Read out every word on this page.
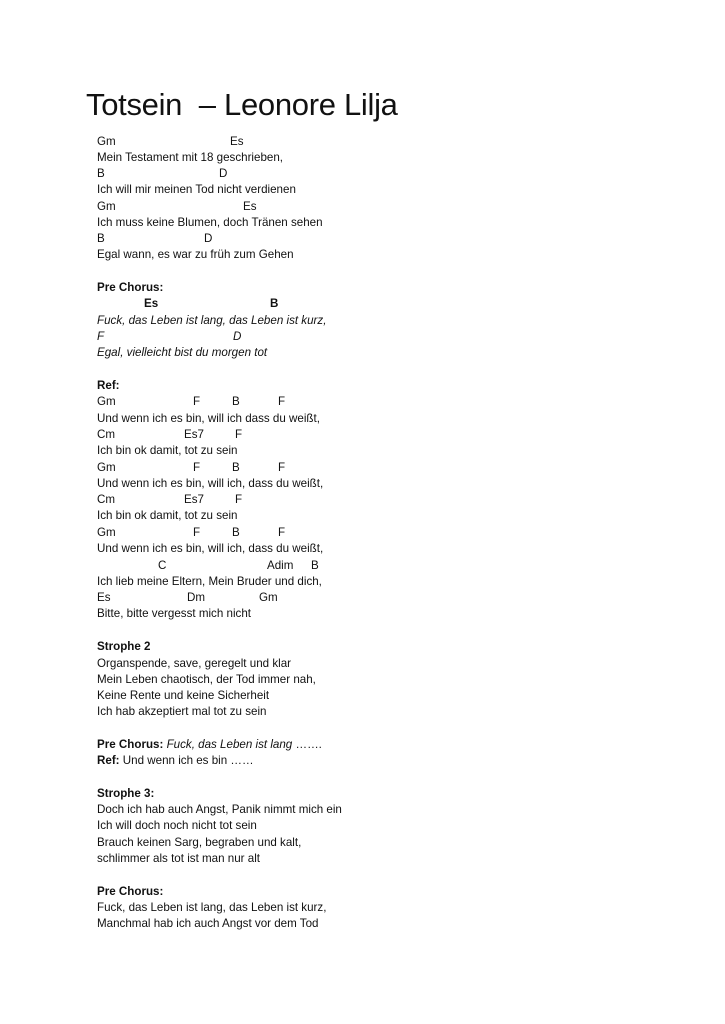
Totsein  – Leonore Lilja
Gm	Es
Mein Testament mit 18 geschrieben,
B	D
Ich will mir meinen Tod nicht verdienen
Gm	Es
Ich muss keine Blumen, doch Tränen sehen
B	D
Egal wann, es war zu früh zum Gehen
Pre Chorus:
Es	B
Fuck, das Leben ist lang, das Leben ist kurz,
F	D
Egal, vielleicht bist du morgen tot
Ref:
Gm	F	B	F
Und wenn ich es bin, will ich dass du weißt,
Cm	Es7	F
Ich bin ok damit, tot zu sein
Gm	F	B	F
Und wenn ich es bin, will ich, dass du weißt,
Cm	Es7	F
Ich bin ok damit, tot zu sein
Gm	F	B	F
Und wenn ich es bin, will ich, dass du weißt,
C	Adim B
Ich lieb meine Eltern, Mein Bruder und dich,
Es	Dm	Gm
Bitte, bitte vergesst mich nicht
Strophe 2
Organspende, save, geregelt und klar
Mein Leben chaotisch, der Tod immer nah,
Keine Rente und keine Sicherheit
Ich hab akzeptiert mal tot zu sein
Pre Chorus: Fuck, das Leben ist lang …….
Ref: Und wenn ich es bin ……
Strophe 3:
Doch ich hab auch Angst, Panik nimmt mich ein
Ich will doch noch nicht tot sein
Brauch keinen Sarg, begraben und kalt,
schlimmer als tot ist man nur alt
Pre Chorus:
Fuck, das Leben ist lang, das Leben ist kurz,
Manchmal hab ich auch Angst vor dem Tod
